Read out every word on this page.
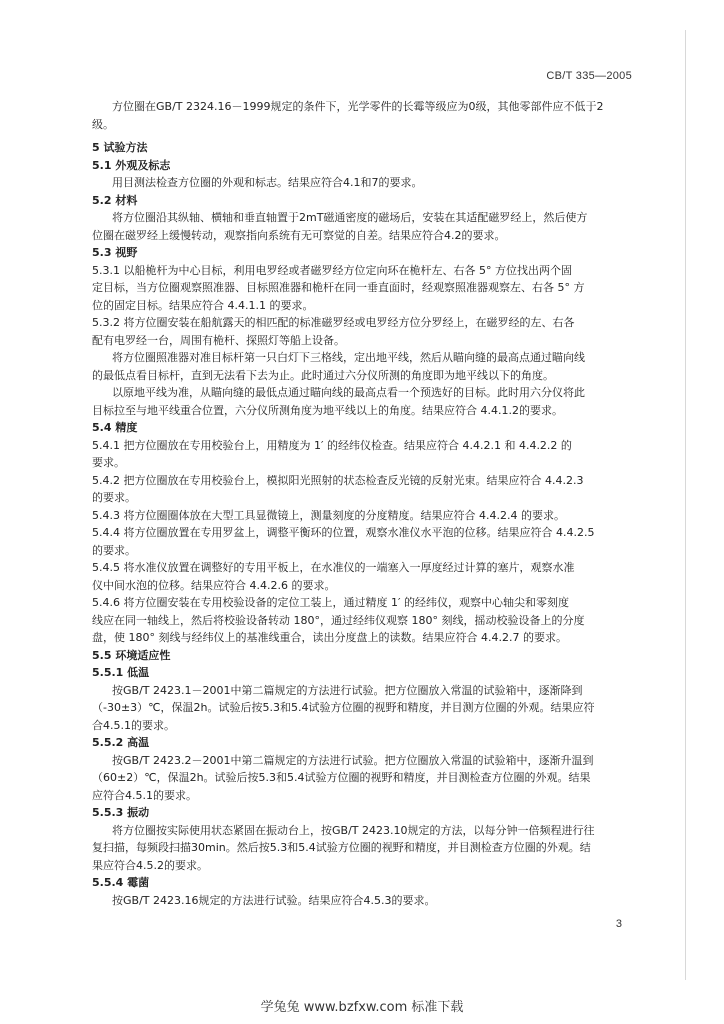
CB/T 335—2005
方位圈在GB/T 2324.16－1999规定的条件下，光学零件的长霉等级应为0级，其他零部件应不低于2
级。
5 试验方法
5.1 外观及标志
用目测法检查方位圈的外观和标志。结果应符合4.1和7的要求。
5.2 材料
将方位圈沿其纵轴、横轴和垂直轴置于2mT磁通密度的磁场后，安装在其适配磁罗经上，然后使方
位圈在磁罗经上缓慢转动，观察指向系统有无可察觉的自差。结果应符合4.2的要求。
5.3 视野
5.3.1 以船桅杆为中心目标，利用电罗经或者磁罗经方位定向环在桅杆左、右各 5° 方位找出两个固
定目标，当方位圈观察照准器、目标照准器和桅杆在同一垂直面时，经观察照准器观察左、右各 5° 方
位的固定目标。结果应符合 4.4.1.1 的要求。
5.3.2 将方位圈安装在船航露天的相匹配的标准磁罗经或电罗经方位分罗经上，在磁罗经的左、右各
配有电罗经一台，周围有桅杆、探照灯等船上设备。
将方位圈照准器对准目标杆第一只白灯下三格线，定出地平线，然后从瞄向缝的最高点通过瞄向线
的最低点看目标杆，直到无法看下去为止。此时通过六分仪所测的角度即为地平线以下的角度。
以原地平线为准，从瞄向缝的最低点通过瞄向线的最高点看一个预选好的目标。此时用六分仪将此
目标拉至与地平线重合位置，六分仪所测角度为地平线以上的角度。结果应符合 4.4.1.2的要求。
5.4 精度
5.4.1 把方位圈放在专用校验台上，用精度为 1′ 的经纬仪检查。结果应符合 4.4.2.1 和 4.4.2.2 的
要求。
5.4.2 把方位圈放在专用校验台上，模拟阳光照射的状态检查反光镜的反射光束。结果应符合 4.4.2.3
的要求。
5.4.3 将方位圈圈体放在大型工具显微镜上，测量刻度的分度精度。结果应符合 4.4.2.4 的要求。
5.4.4 将方位圈放置在专用罗盆上，调整平衡环的位置，观察水准仪水平泡的位移。结果应符合 4.4.2.5
的要求。
5.4.5 将水准仪放置在调整好的专用平板上，在水准仪的一端塞入一厚度经过计算的塞片，观察水准
仪中间水泡的位移。结果应符合 4.4.2.6 的要求。
5.4.6 将方位圈安装在专用校验设备的定位工装上，通过精度 1′ 的经纬仪，观察中心轴尖和零刻度
线应在同一轴线上，然后将校验设备转动 180°，通过经纬仪观察 180° 刻线，摇动校验设备上的分度
盘，使 180° 刻线与经纬仪上的基准线重合，读出分度盘上的读数。结果应符合 4.4.2.7 的要求。
5.5 环境适应性
5.5.1 低温
按GB/T 2423.1－2001中第二篇规定的方法进行试验。把方位圈放入常温的试验箱中，逐渐降到
（-30±3）℃，保温2h。试验后按5.3和5.4试验方位圈的视野和精度，并目测方位圈的外观。结果应符
合4.5.1的要求。
5.5.2 高温
按GB/T 2423.2－2001中第二篇规定的方法进行试验。把方位圈放入常温的试验箱中，逐渐升温到
（60±2）℃，保温2h。试验后按5.3和5.4试验方位圈的视野和精度，并目测检查方位圈的外观。结果
应符合4.5.1的要求。
5.5.3 振动
将方位圈按实际使用状态紧固在振动台上，按GB/T 2423.10规定的方法，以每分钟一倍频程进行往
复扫描，每频段扫描30min。然后按5.3和5.4试验方位圈的视野和精度，并目测检查方位圈的外观。结
果应符合4.5.2的要求。
5.5.4 霉菌
按GB/T 2423.16规定的方法进行试验。结果应符合4.5.3的要求。
3
学兔兔 www.bzfxw.com 标准下载
